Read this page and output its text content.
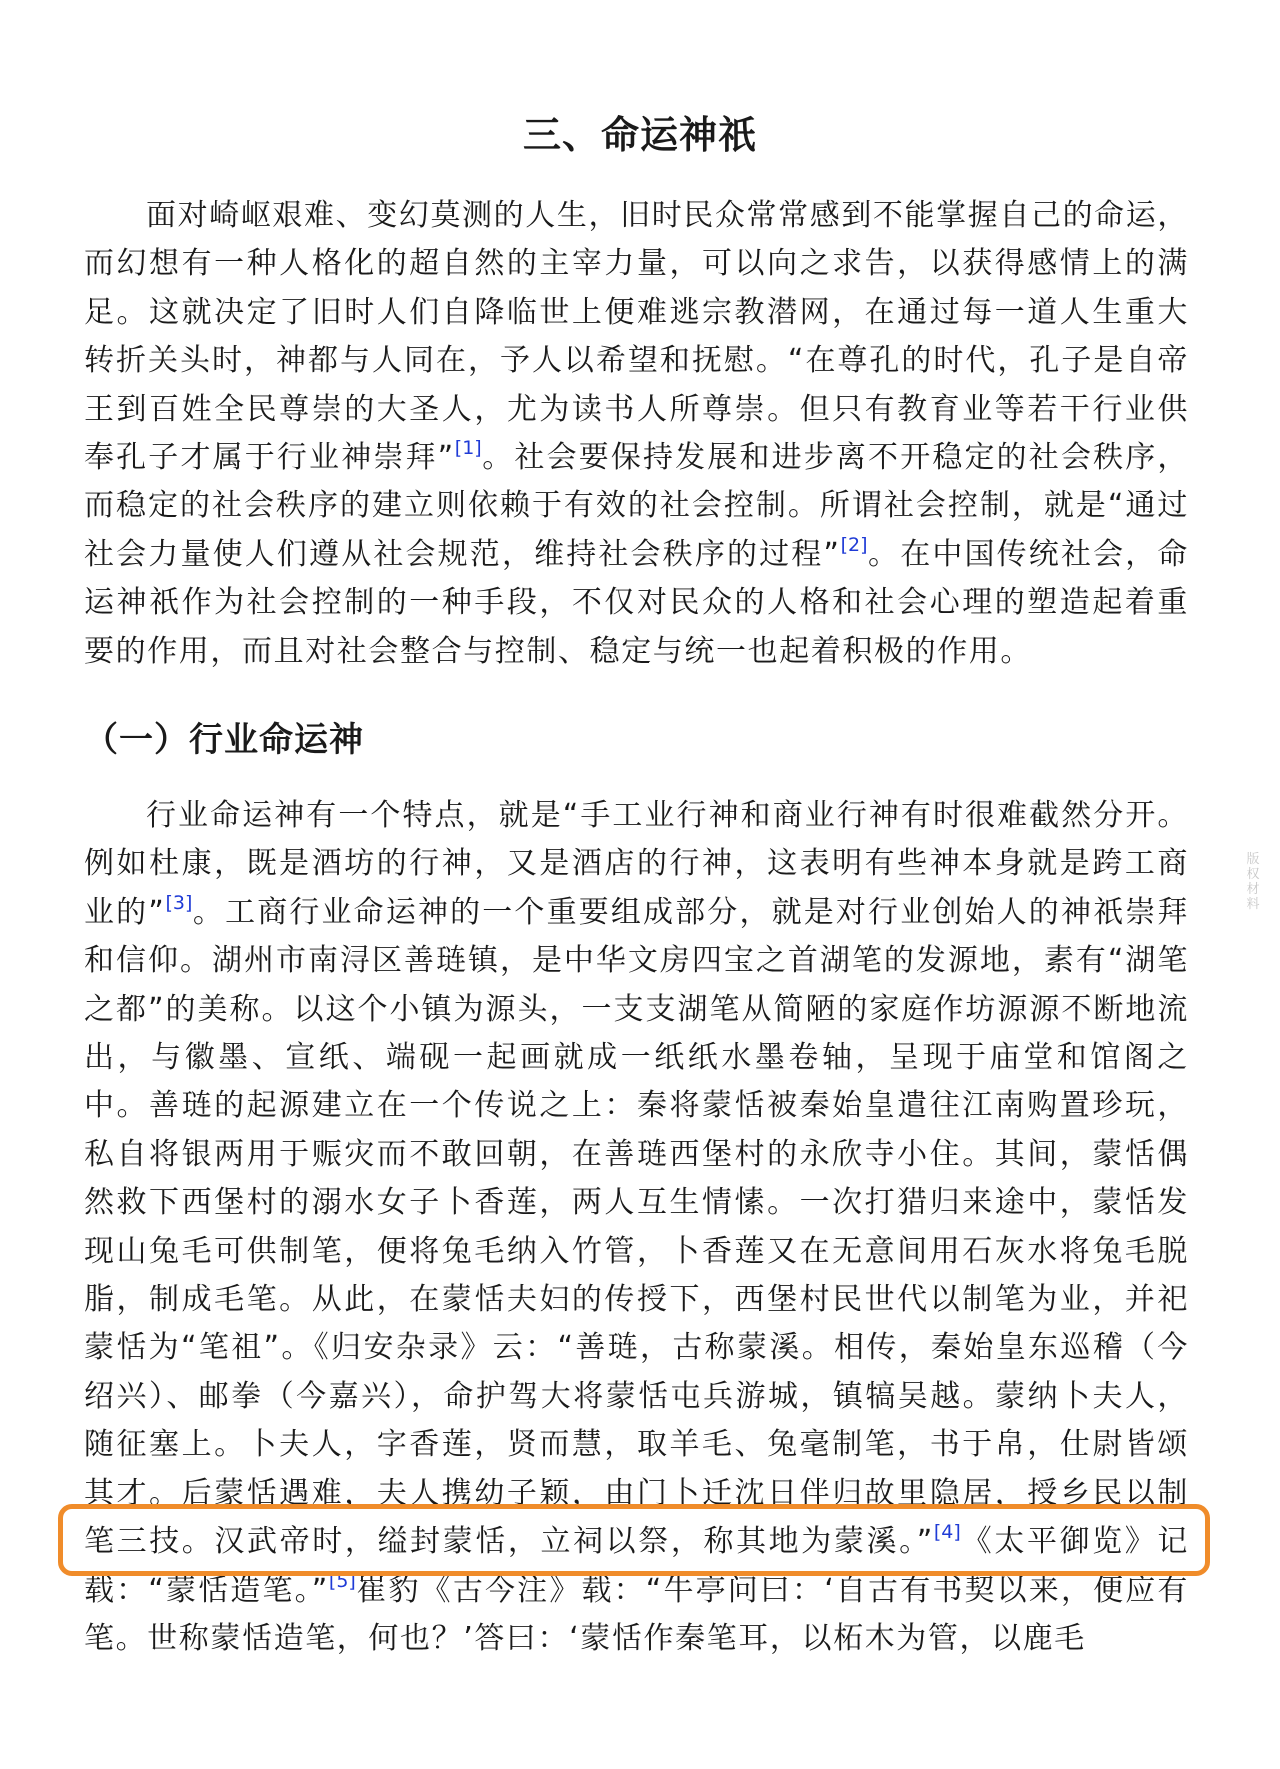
三、命运神祇

面对崎岖艰难、变幻莫测的人生，旧时民众常常感到不能掌握自己的命运，而幻想有一种人格化的超自然的主宰力量，可以向之求告，以获得感情上的满足。这就决定了旧时人们自降临世上便难逃宗教潜网，在通过每一道人生重大转折关头时，神都与人同在，予人以希望和抚慰。“在尊孔的时代，孔子是自帝王到百姓全民尊崇的大圣人，尤为读书人所尊崇。但只有教育业等若干行业供奉孔子才属于行业神崇拜”[1]。社会要保持发展和进步离不开稳定的社会秩序，而稳定的社会秩序的建立则依赖于有效的社会控制。所谓社会控制，就是“通过社会力量使人们遵从社会规范，维持社会秩序的过程”[2]。在中国传统社会，命运神祇作为社会控制的一种手段，不仅对民众的人格和社会心理的塑造起着重要的作用，而且对社会整合与控制、稳定与统一也起着积极的作用。

（一）行业命运神

行业命运神有一个特点，就是“手工业行神和商业行神有时很难截然分开。例如杜康，既是酒坊的行神，又是酒店的行神，这表明有些神本身就是跨工商业的”[3]。工商行业命运神的一个重要组成部分，就是对行业创始人的神祇崇拜和信仰。湖州市南浔区善琏镇，是中华文房四宝之首湖笔的发源地，素有“湖笔之都”的美称。以这个小镇为源头，一支支湖笔从简陋的家庭作坊源源不断地流出，与徽墨、宣纸、端砚一起画就成一纸纸水墨卷轴，呈现于庙堂和馆阁之中。善琏的起源建立在一个传说之上：秦将蒙恬被秦始皇遣往江南购置珍玩，私自将银两用于赈灾而不敢回朝，在善琏西堡村的永欣寺小住。其间，蒙恬偶然救下西堡村的溺水女子卜香莲，两人互生情愫。一次打猎归来途中，蒙恬发现山兔毛可供制笔，便将兔毛纳入竹管，卜香莲又在无意间用石灰水将兔毛脱脂，制成毛笔。从此，在蒙恬夫妇的传授下，西堡村民世代以制笔为业，并祀蒙恬为“笔祖”。《归安杂录》云：“善琏，古称蒙溪。相传，秦始皇东巡稽（今绍兴）、邮拳（今嘉兴），命护驾大将蒙恬屯兵游城，镇犒吴越。蒙纳卜夫人，随征塞上。卜夫人，字香莲，贤而慧，取羊毛、兔毫制笔，书于帛，仕尉皆颂其才。后蒙恬遇难，夫人携幼子颖，由门卜迁沈日伴归故里隐居，授乡民以制笔三技。汉武帝时，缢封蒙恬，立祠以祭，称其地为蒙溪。”[4]《太平御览》记载：“蒙恬造笔。”[5]崔豹《古今注》载：“牛亭问曰：‘自古有书契以来，便应有笔。世称蒙恬造笔，何也？’答曰：‘蒙恬作秦笔耳，以柘木为管，以鹿毛

版权材料
